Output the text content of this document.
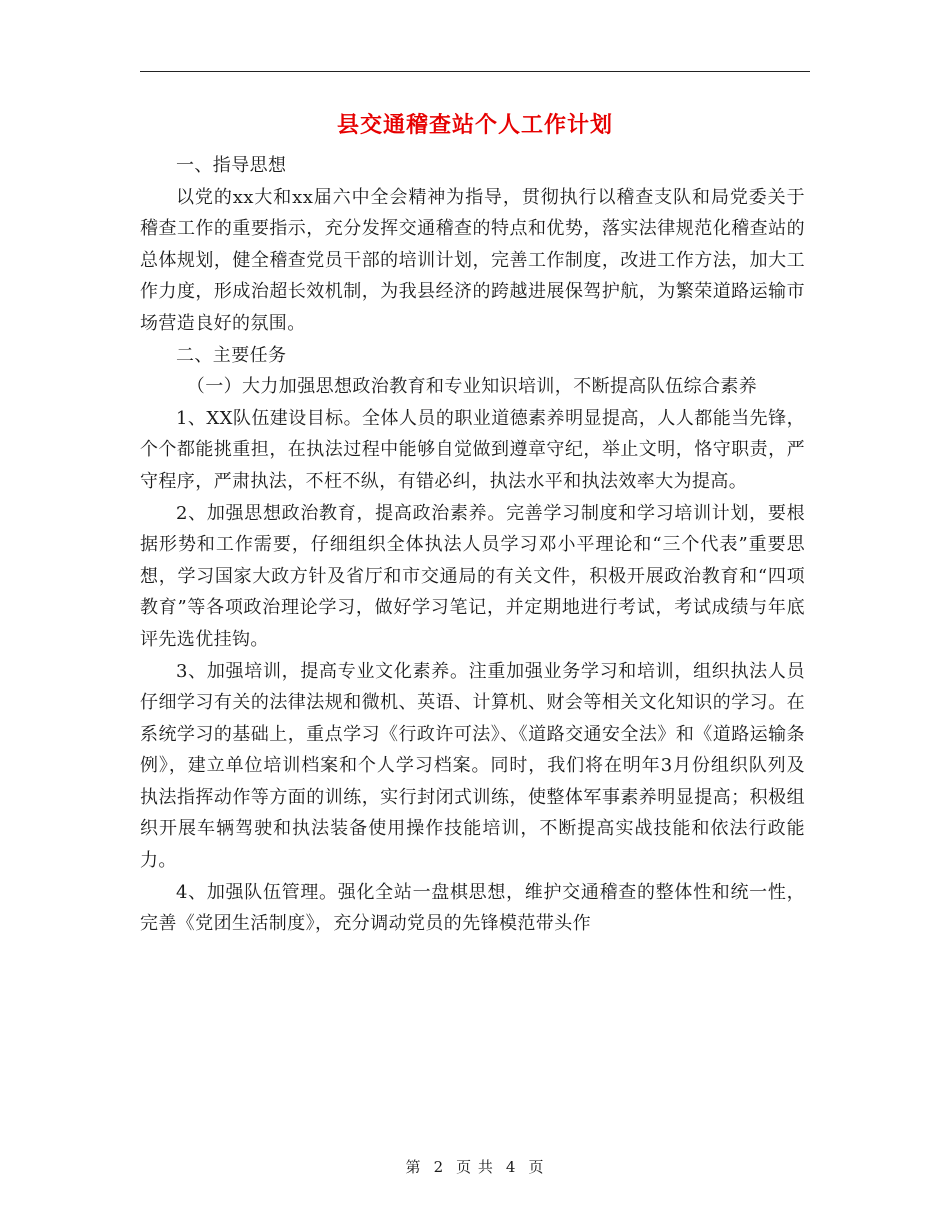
县交通稽查站个人工作计划

一、指导思想

以党的xx大和xx届六中全会精神为指导，贯彻执行以稽查支队和局党委关于稽查工作的重要指示，充分发挥交通稽查的特点和优势，落实法律规范化稽查站的总体规划，健全稽查党员干部的培训计划，完善工作制度，改进工作方法，加大工作力度，形成治超长效机制，为我县经济的跨越进展保驾护航，为繁荣道路运输市场营造良好的氛围。

二、主要任务

（一）大力加强思想政治教育和专业知识培训，不断提高队伍综合素养

1、XX队伍建设目标。全体人员的职业道德素养明显提高，人人都能当先锋，个个都能挑重担，在执法过程中能够自觉做到遵章守纪，举止文明，恪守职责，严守程序，严肃执法，不枉不纵，有错必纠，执法水平和执法效率大为提高。

2、加强思想政治教育，提高政治素养。完善学习制度和学习培训计划，要根据形势和工作需要，仔细组织全体执法人员学习邓小平理论和“三个代表”重要思想，学习国家大政方针及省厅和市交通局的有关文件，积极开展政治教育和“四项教育”等各项政治理论学习，做好学习笔记，并定期地进行考试，考试成绩与年底评先选优挂钩。

3、加强培训，提高专业文化素养。注重加强业务学习和培训，组织执法人员仔细学习有关的法律法规和微机、英语、计算机、财会等相关文化知识的学习。在系统学习的基础上，重点学习《行政许可法》、《道路交通安全法》和《道路运输条例》，建立单位培训档案和个人学习档案。同时，我们将在明年3月份组织队列及执法指挥动作等方面的训练，实行封闭式训练，使整体军事素养明显提高；积极组织开展车辆驾驶和执法装备使用操作技能培训，不断提高实战技能和依法行政能力。

4、加强队伍管理。强化全站一盘棋思想，维护交通稽查的整体性和统一性，完善《党团生活制度》，充分调动党员的先锋模范带头作

第 2 页 共 4 页
